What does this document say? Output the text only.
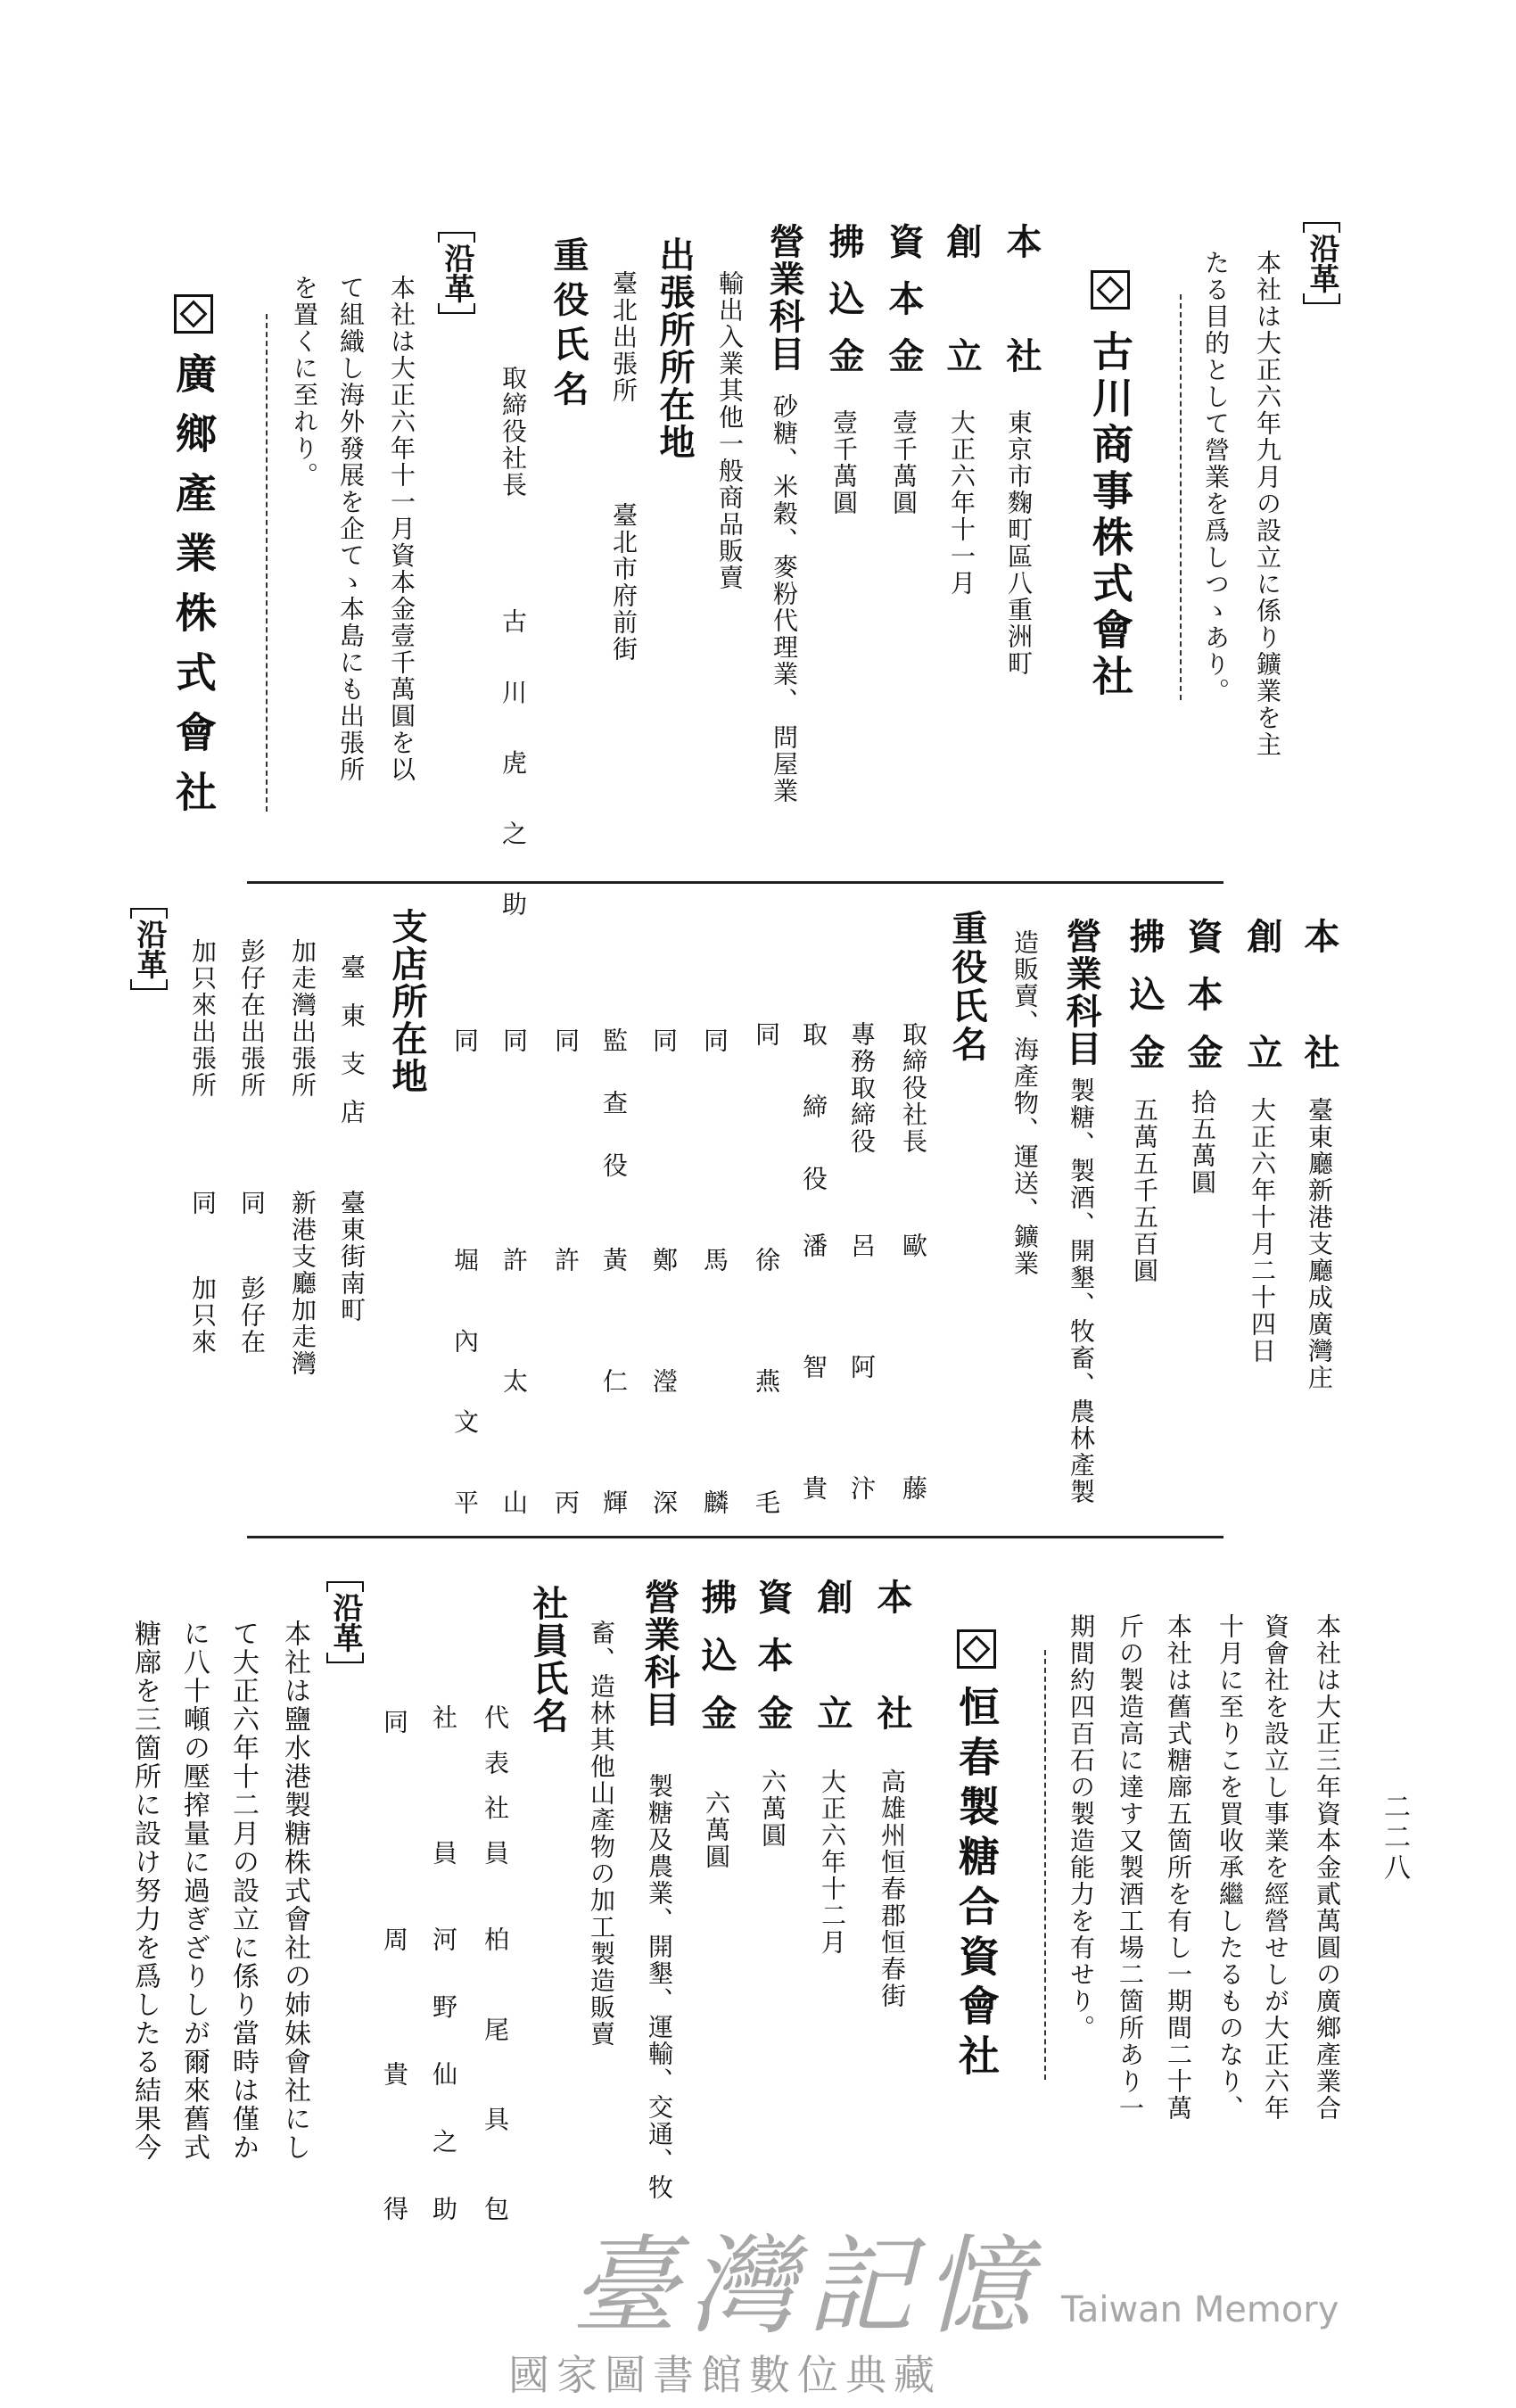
沿革
本社は大正六年九月の設立に係り鑛業を主
たる目的として營業を爲しつゝあり。
古川商事株式會社
本社
創立
資本金
拂込金
營業科目
東京市麴町區八重洲町
大正六年十一月
壹千萬圓
壹千萬圓
砂糖、米穀、麥粉代理業、 問屋業
輸出入業其他一般商品販賣
出張所所在地
臺北出張所
臺北市府前街
重役氏名
取締役社長
古川虎之助
沿革
本社は大正六年十一月資本金壹千萬圓を以
て組織し海外發展を企てゝ本島にも出張所
を置くに至れり。
廣鄉產業株式會社
本社
創立
資本金
拂込金
營業科目
臺東廳新港支廳成廣灣庄
大正六年十月二十四日
拾五萬圓
五萬五千五百圓
製糖、製酒、開墾、牧畜、農林產製
造販賣、海產物、運送、鑛業
重役氏名
取締役社長
歐藤
專務取締役
呂阿汴
取締役
潘智貴
同
徐燕毛
同
馬麟
同
鄭瀅深
監查役
黃仁輝
同
許丙
同
許太山
同
堀內文平
支店所在地
臺東支店
臺東街南町
加走灣出張所
新港支廳加走灣
彭仔在出張所
同
彭仔在
加只來出張所
同
加只來
沿革
二二八
本社は大正三年資本金貳萬圓の廣鄉產業合
資會社を設立し事業を經營せしが大正六年
十月に至りこを買收承繼したるものなり、
本社は舊式糖廍五箇所を有し一期間二十萬
斤の製造高に達す又製酒工場二箇所あり一
期間約四百石の製造能力を有せり。
恒春製糖合資會社
本社
創立
資本金
拂込金
營業科目
高雄州恒春郡恒春街
大正六年十二月
六萬圓
六萬圓
製糖及農業、開墾、運輸、交通、牧
畜、造林其他山產物の加工製造販賣
社員氏名
代表社員
柏尾具包
社員
河野仙之助
同
周貴得
沿革
本社は鹽水港製糖株式會社の姉妹會社にし
て大正六年十二月の設立に係り當時は僅か
に八十噸の壓搾量に過ぎざりしが爾來舊式
糖廍を三箇所に設け努力を爲したる結果今
臺灣記憶 Taiwan Memory
國家圖書館數位典藏
